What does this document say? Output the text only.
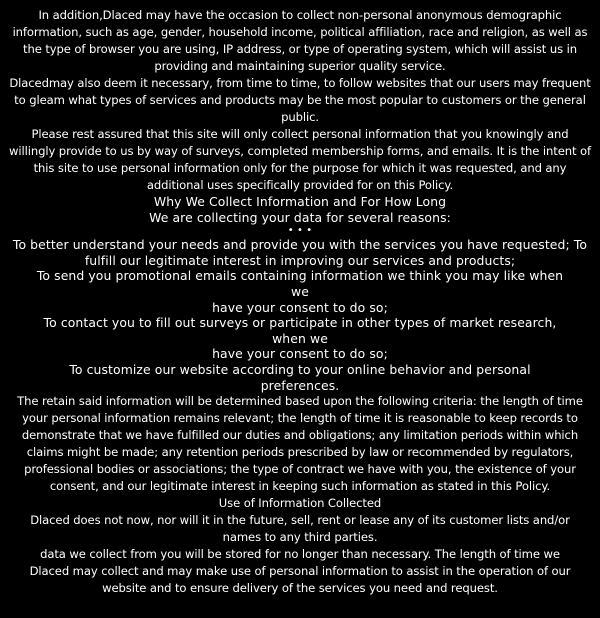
In addition,Dlaced may have the occasion to collect non-personal anonymous demographic information, such as age, gender, household income, political affiliation, race and religion, as well as the type of browser you are using, IP address, or type of operating system, which will assist us in providing and maintaining superior quality service.

Dlacedmay also deem it necessary, from time to time, to follow websites that our users may frequent to gleam what types of services and products may be the most popular to customers or the general public.

Please rest assured that this site will only collect personal information that you knowingly and willingly provide to us by way of surveys, completed membership forms, and emails. It is the intent of this site to use personal information only for the purpose for which it was requested, and any additional uses specifically provided for on this Policy.

Why We Collect Information and For How Long

We are collecting your data for several reasons:

• • •

To better understand your needs and provide you with the services you have requested; To fulfill our legitimate interest in improving our services and products;

To send you promotional emails containing information we think you may like when
we
have your consent to do so;

To contact you to fill out surveys or participate in other types of market research,
when we
have your consent to do so;

To customize our website according to your online behavior and personal preferences.

The retain said information will be determined based upon the following criteria: the length of time your personal information remains relevant; the length of time it is reasonable to keep records to demonstrate that we have fulfilled our duties and obligations; any limitation periods within which claims might be made; any retention periods prescribed by law or recommended by regulators, professional bodies or associations; the type of contract we have with you, the existence of your consent, and our legitimate interest in keeping such information as stated in this Policy.

Use of Information Collected

Dlaced does not now, nor will it in the future, sell, rent or lease any of its customer lists and/or names to any third parties.

data we collect from you will be stored for no longer than necessary. The length of time we

Dlaced may collect and may make use of personal information to assist in the operation of our website and to ensure delivery of the services you need and request.
